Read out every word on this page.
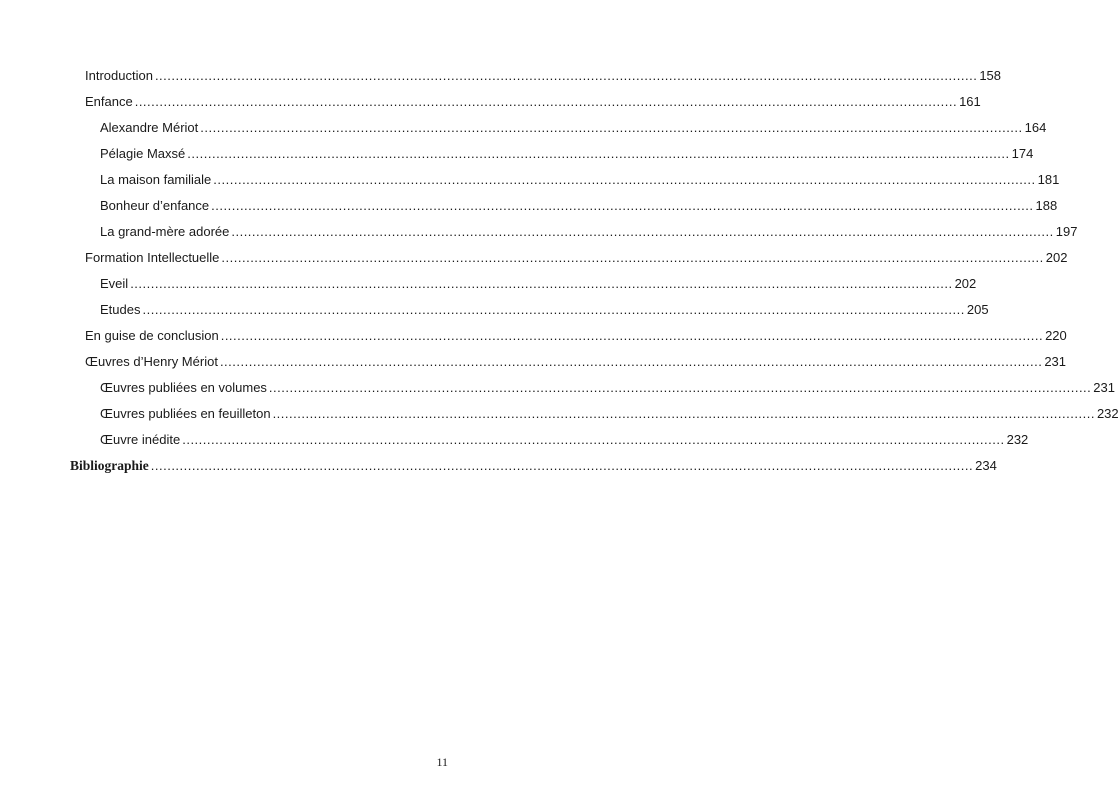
Introduction ........................................................................................................................................................................................................ 158
Enfance ........................................................................................................................................................................................................ 161
Alexandre Mériot ........................................................................................................................................................................................................ 164
Pélagie Maxsé ........................................................................................................................................................................................................ 174
La maison familiale ........................................................................................................................................................................................................ 181
Bonheur d’enfance ........................................................................................................................................................................................................ 188
La grand-mère adorée ........................................................................................................................................................................................................ 197
Formation Intellectuelle ........................................................................................................................................................................................................ 202
Eveil ........................................................................................................................................................................................................ 202
Etudes ........................................................................................................................................................................................................ 205
En guise de conclusion ........................................................................................................................................................................................................ 220
Œuvres d’Henry Mériot ........................................................................................................................................................................................................ 231
Œuvres publiées en volumes ........................................................................................................................................................................................................ 231
Œuvres publiées en feuilleton ........................................................................................................................................................................................................ 232
Œuvre inédite ........................................................................................................................................................................................................ 232
Bibliographie ........................................................................................................................................................................................................ 234
11
